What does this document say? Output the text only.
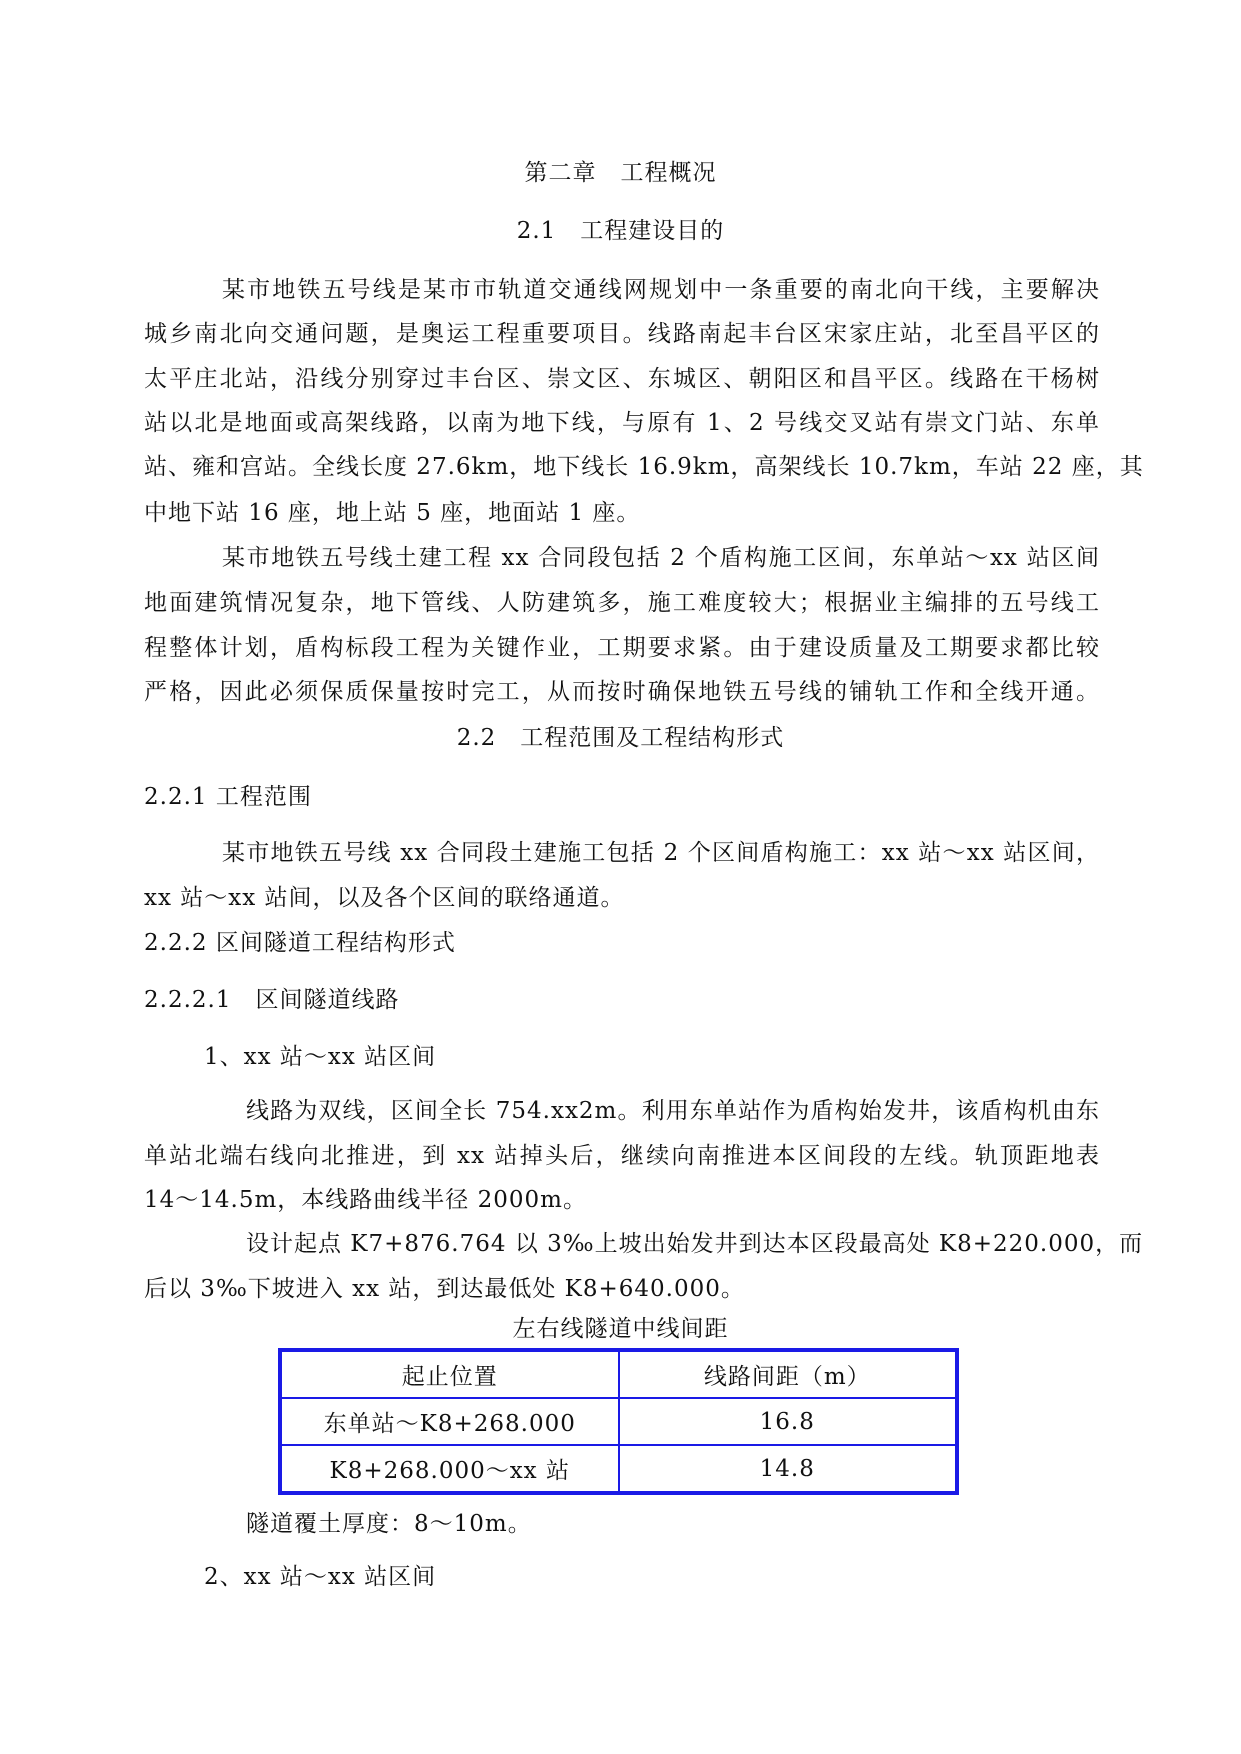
第二章　工程概况
2.1　工程建设目的
某市地铁五号线是某市市轨道交通线网规划中一条重要的南北向干线，主要解决
城乡南北向交通问题，是奥运工程重要项目。线路南起丰台区宋家庄站，北至昌平区的
太平庄北站，沿线分别穿过丰台区、崇文区、东城区、朝阳区和昌平区。线路在干杨树
站以北是地面或高架线路，以南为地下线，与原有 1、2 号线交叉站有崇文门站、东单
站、雍和宫站。全线长度 27.6km，地下线长 16.9km，高架线长 10.7km，车站 22 座，其
中地下站 16 座，地上站 5 座，地面站 1 座。
某市地铁五号线土建工程 xx 合同段包括 2 个盾构施工区间，东单站～xx 站区间
地面建筑情况复杂，地下管线、人防建筑多，施工难度较大；根据业主编排的五号线工
程整体计划，盾构标段工程为关键作业，工期要求紧。由于建设质量及工期要求都比较
严格，因此必须保质保量按时完工，从而按时确保地铁五号线的铺轨工作和全线开通。
2.2　工程范围及工程结构形式
2.2.1 工程范围
某市地铁五号线 xx 合同段土建施工包括 2 个区间盾构施工：xx 站～xx 站区间，
xx 站～xx 站间，以及各个区间的联络通道。
2.2.2 区间隧道工程结构形式
2.2.2.1　区间隧道线路
1、xx 站～xx 站区间
线路为双线，区间全长 754.xx2m。利用东单站作为盾构始发井，该盾构机由东
单站北端右线向北推进，到 xx 站掉头后，继续向南推进本区间段的左线。轨顶距地表
14～14.5m，本线路曲线半径 2000m。
设计起点 K7+876.764 以 3‰上坡出始发井到达本区段最高处 K8+220.000，而
后以 3‰下坡进入 xx 站，到达最低处 K8+640.000。
左右线隧道中线间距
起止位置	线路间距（m）
东单站～K8+268.000	16.8
K8+268.000～xx 站	14.8
隧道覆土厚度：8～10m。
2、xx 站～xx 站区间
